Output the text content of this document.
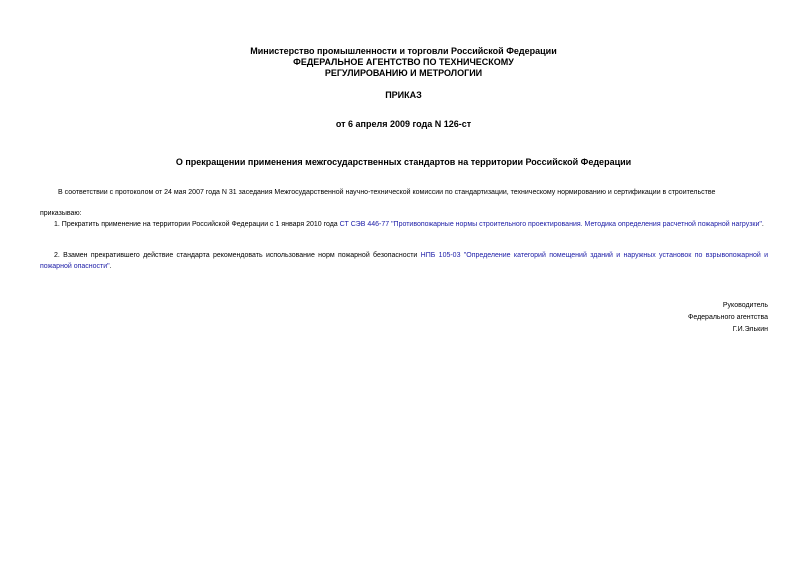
Министерство промышленности и торговли Российской Федерации
ФЕДЕРАЛЬНОЕ АГЕНТСТВО ПО ТЕХНИЧЕСКОМУ
РЕГУЛИРОВАНИЮ И МЕТРОЛОГИИ
ПРИКАЗ
от 6 апреля 2009 года N 126-ст
О прекращении применения межгосударственных стандартов на территории Российской Федерации
В соответствии с протоколом от 24 мая 2007 года N 31 заседания Межгосударственной научно-технической комиссии по стандартизации, техническому нормированию и сертификации в строительстве
приказываю:
1. Прекратить применение на территории Российской Федерации с 1 января 2010 года СТ СЭВ 446-77 "Противопожарные нормы строительного проектирования. Методика определения расчетной пожарной нагрузки".
2. Взамен прекратившего действие стандарта рекомендовать использование норм пожарной безопасности НПБ 105-03 "Определение категорий помещений зданий и наружных установок по взрывопожарной и пожарной опасности".
Руководитель
Федерального агентства
Г.И.Элькин
